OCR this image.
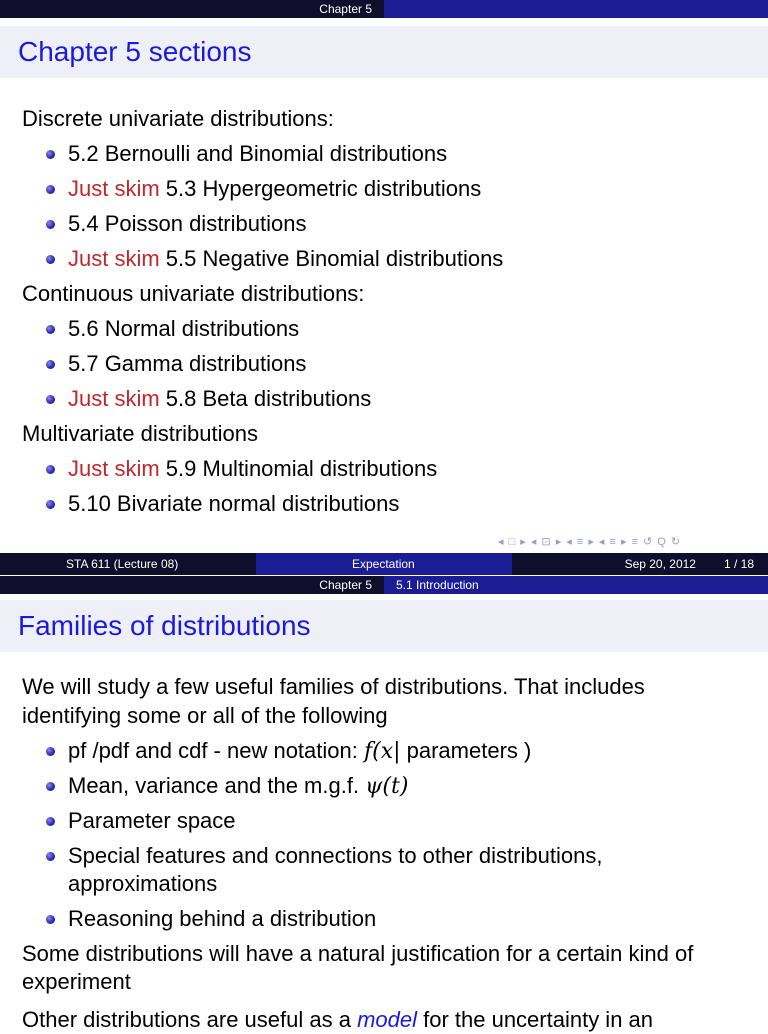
Chapter 5
Chapter 5 sections
Discrete univariate distributions:
5.2 Bernoulli and Binomial distributions
Just skim 5.3 Hypergeometric distributions
5.4 Poisson distributions
Just skim 5.5 Negative Binomial distributions
Continuous univariate distributions:
5.6 Normal distributions
5.7 Gamma distributions
Just skim 5.8 Beta distributions
Multivariate distributions
Just skim 5.9 Multinomial distributions
5.10 Bivariate normal distributions
◂ □ ▸ ◂ ⊡ ▸ ◂ ≡ ▸ ◂ ≡ ▸ ≡ ↺ Q ↻
STA 611 (Lecture 08)	Expectation	Sep 20, 2012 1 / 18
Chapter 5	5.1 Introduction
Families of distributions
We will study a few useful families of distributions. That includes
identifying some or all of the following
pf /pdf and cdf - new notation: f(x| parameters )
Mean, variance and the m.g.f. ψ(t)
Parameter space
Special features and connections to other distributions,
approximations
Reasoning behind a distribution
Some distributions will have a natural justification for a certain kind of
experiment
Other distributions are useful as a model for the uncertainty in an
